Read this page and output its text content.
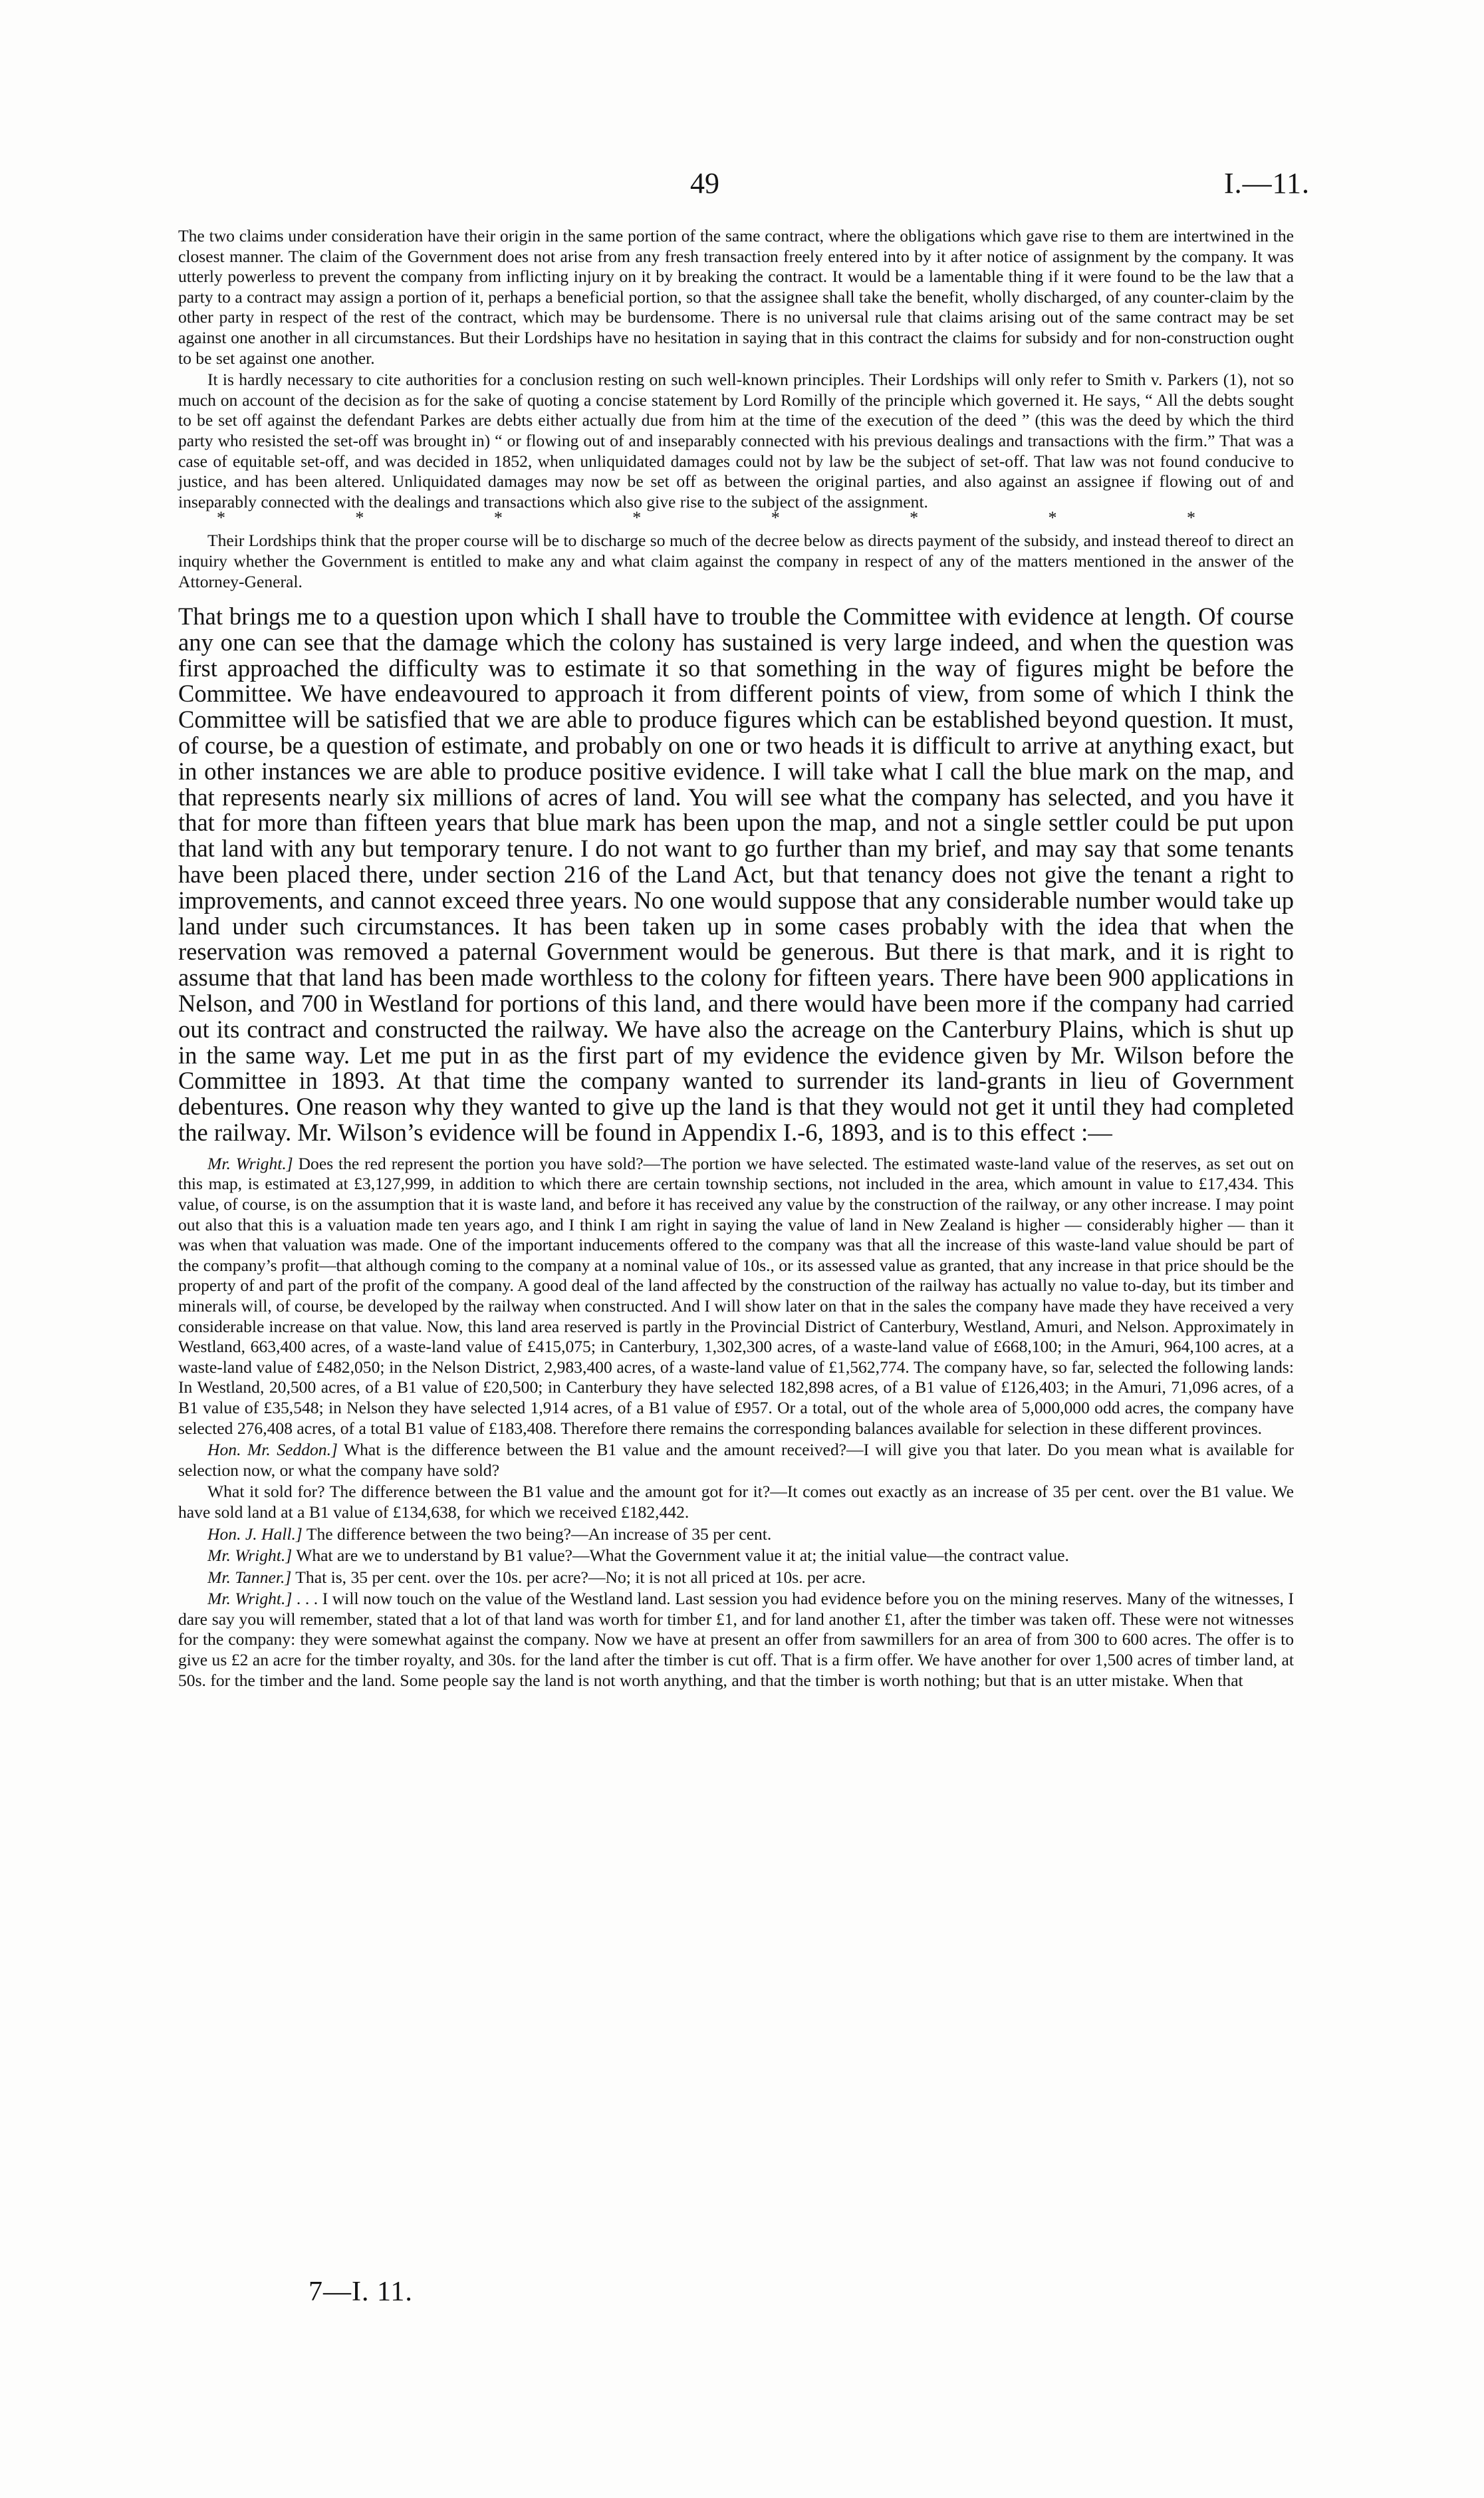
49	I.—11.

The two claims under consideration have their origin in the same portion of the same contract, where the obligations which gave rise to them are intertwined in the closest manner. The claim of the Government does not arise from any fresh transaction freely entered into by it after notice of assignment by the company. It was utterly powerless to prevent the company from inflicting injury on it by breaking the contract. It would be a lamentable thing if it were found to be the law that a party to a contract may assign a portion of it, perhaps a beneficial portion, so that the assignee shall take the benefit, wholly discharged, of any counter-claim by the other party in respect of the rest of the contract, which may be burdensome. There is no universal rule that claims arising out of the same contract may be set against one another in all circumstances. But their Lordships have no hesitation in saying that in this contract the claims for subsidy and for non-construction ought to be set against one another.

It is hardly necessary to cite authorities for a conclusion resting on such well-known principles. Their Lordships will only refer to Smith v. Parkers (1), not so much on account of the decision as for the sake of quoting a concise statement by Lord Romilly of the principle which governed it. He says, “ All the debts sought to be set off against the defendant Parkes are debts either actually due from him at the time of the execution of the deed ” (this was the deed by which the third party who resisted the set-off was brought in) “ or flowing out of and inseparably connected with his previous dealings and transactions with the firm.” That was a case of equitable set-off, and was decided in 1852, when unliquidated damages could not by law be the subject of set-off. That law was not found conducive to justice, and has been altered. Unliquidated damages may now be set off as between the original parties, and also against an assignee if flowing out of and inseparably connected with the dealings and transactions which also give rise to the subject of the assignment.

*	*	*	*	*	*	*	*

Their Lordships think that the proper course will be to discharge so much of the decree below as directs payment of the subsidy, and instead thereof to direct an inquiry whether the Government is entitled to make any and what claim against the company in respect of any of the matters mentioned in the answer of the Attorney-General.

That brings me to a question upon which I shall have to trouble the Committee with evidence at length. Of course any one can see that the damage which the colony has sustained is very large indeed, and when the question was first approached the difficulty was to estimate it so that something in the way of figures might be before the Committee. We have endeavoured to approach it from different points of view, from some of which I think the Committee will be satisfied that we are able to produce figures which can be established beyond question. It must, of course, be a question of estimate, and probably on one or two heads it is difficult to arrive at anything exact, but in other instances we are able to produce positive evidence. I will take what I call the blue mark on the map, and that represents nearly six millions of acres of land. You will see what the company has selected, and you have it that for more than fifteen years that blue mark has been upon the map, and not a single settler could be put upon that land with any but temporary tenure. I do not want to go further than my brief, and may say that some tenants have been placed there, under section 216 of the Land Act, but that tenancy does not give the tenant a right to improvements, and cannot exceed three years. No one would suppose that any considerable number would take up land under such circumstances. It has been taken up in some cases probably with the idea that when the reservation was removed a paternal Government would be generous. But there is that mark, and it is right to assume that that land has been made worthless to the colony for fifteen years. There have been 900 applications in Nelson, and 700 in Westland for portions of this land, and there would have been more if the company had carried out its contract and constructed the railway. We have also the acreage on the Canterbury Plains, which is shut up in the same way. Let me put in as the first part of my evidence the evidence given by Mr. Wilson before the Committee in 1893. At that time the company wanted to surrender its land-grants in lieu of Government debentures. One reason why they wanted to give up the land is that they would not get it until they had completed the railway. Mr. Wilson’s evidence will be found in Appendix I.-6, 1893, and is to this effect :—

Mr. Wright.] Does the red represent the portion you have sold?—The portion we have selected. The estimated waste-land value of the reserves, as set out on this map, is estimated at £3,127,999, in addition to which there are certain township sections, not included in the area, which amount in value to £17,434. This value, of course, is on the assumption that it is waste land, and before it has received any value by the construction of the railway, or any other increase. I may point out also that this is a valuation made ten years ago, and I think I am right in saying the value of land in New Zealand is higher — considerably higher — than it was when that valuation was made. One of the important inducements offered to the company was that all the increase of this waste-land value should be part of the company’s profit—that although coming to the company at a nominal value of 10s., or its assessed value as granted, that any increase in that price should be the property of and part of the profit of the company. A good deal of the land affected by the construction of the railway has actually no value to-day, but its timber and minerals will, of course, be developed by the railway when constructed. And I will show later on that in the sales the company have made they have received a very considerable increase on that value. Now, this land area reserved is partly in the Provincial District of Canterbury, Westland, Amuri, and Nelson. Approximately in Westland, 663,400 acres, of a waste-land value of £415,075; in Canterbury, 1,302,300 acres, of a waste-land value of £668,100; in the Amuri, 964,100 acres, at a waste-land value of £482,050; in the Nelson District, 2,983,400 acres, of a waste-land value of £1,562,774. The company have, so far, selected the following lands: In Westland, 20,500 acres, of a B1 value of £20,500; in Canterbury they have selected 182,898 acres, of a B1 value of £126,403; in the Amuri, 71,096 acres, of a B1 value of £35,548; in Nelson they have selected 1,914 acres, of a B1 value of £957. Or a total, out of the whole area of 5,000,000 odd acres, the company have selected 276,408 acres, of a total B1 value of £183,408. Therefore there remains the corresponding balances available for selection in these different provinces.

Hon. Mr. Seddon.] What is the difference between the B1 value and the amount received?—I will give you that later. Do you mean what is available for selection now, or what the company have sold?

What it sold for? The difference between the B1 value and the amount got for it?—It comes out exactly as an increase of 35 per cent. over the B1 value. We have sold land at a B1 value of £134,638, for which we received £182,442.

Hon. J. Hall.] The difference between the two being?—An increase of 35 per cent.

Mr. Wright.] What are we to understand by B1 value?—What the Government value it at; the initial value—the contract value.

Mr. Tanner.] That is, 35 per cent. over the 10s. per acre?—No; it is not all priced at 10s. per acre.

Mr. Wright.] . . . I will now touch on the value of the Westland land. Last session you had evidence before you on the mining reserves. Many of the witnesses, I dare say you will remember, stated that a lot of that land was worth for timber £1, and for land another £1, after the timber was taken off. These were not witnesses for the company: they were somewhat against the company. Now we have at present an offer from sawmillers for an area of from 300 to 600 acres. The offer is to give us £2 an acre for the timber royalty, and 30s. for the land after the timber is cut off. That is a firm offer. We have another for over 1,500 acres of timber land, at 50s. for the timber and the land. Some people say the land is not worth anything, and that the timber is worth nothing; but that is an utter mistake. When that

7—I. 11.
